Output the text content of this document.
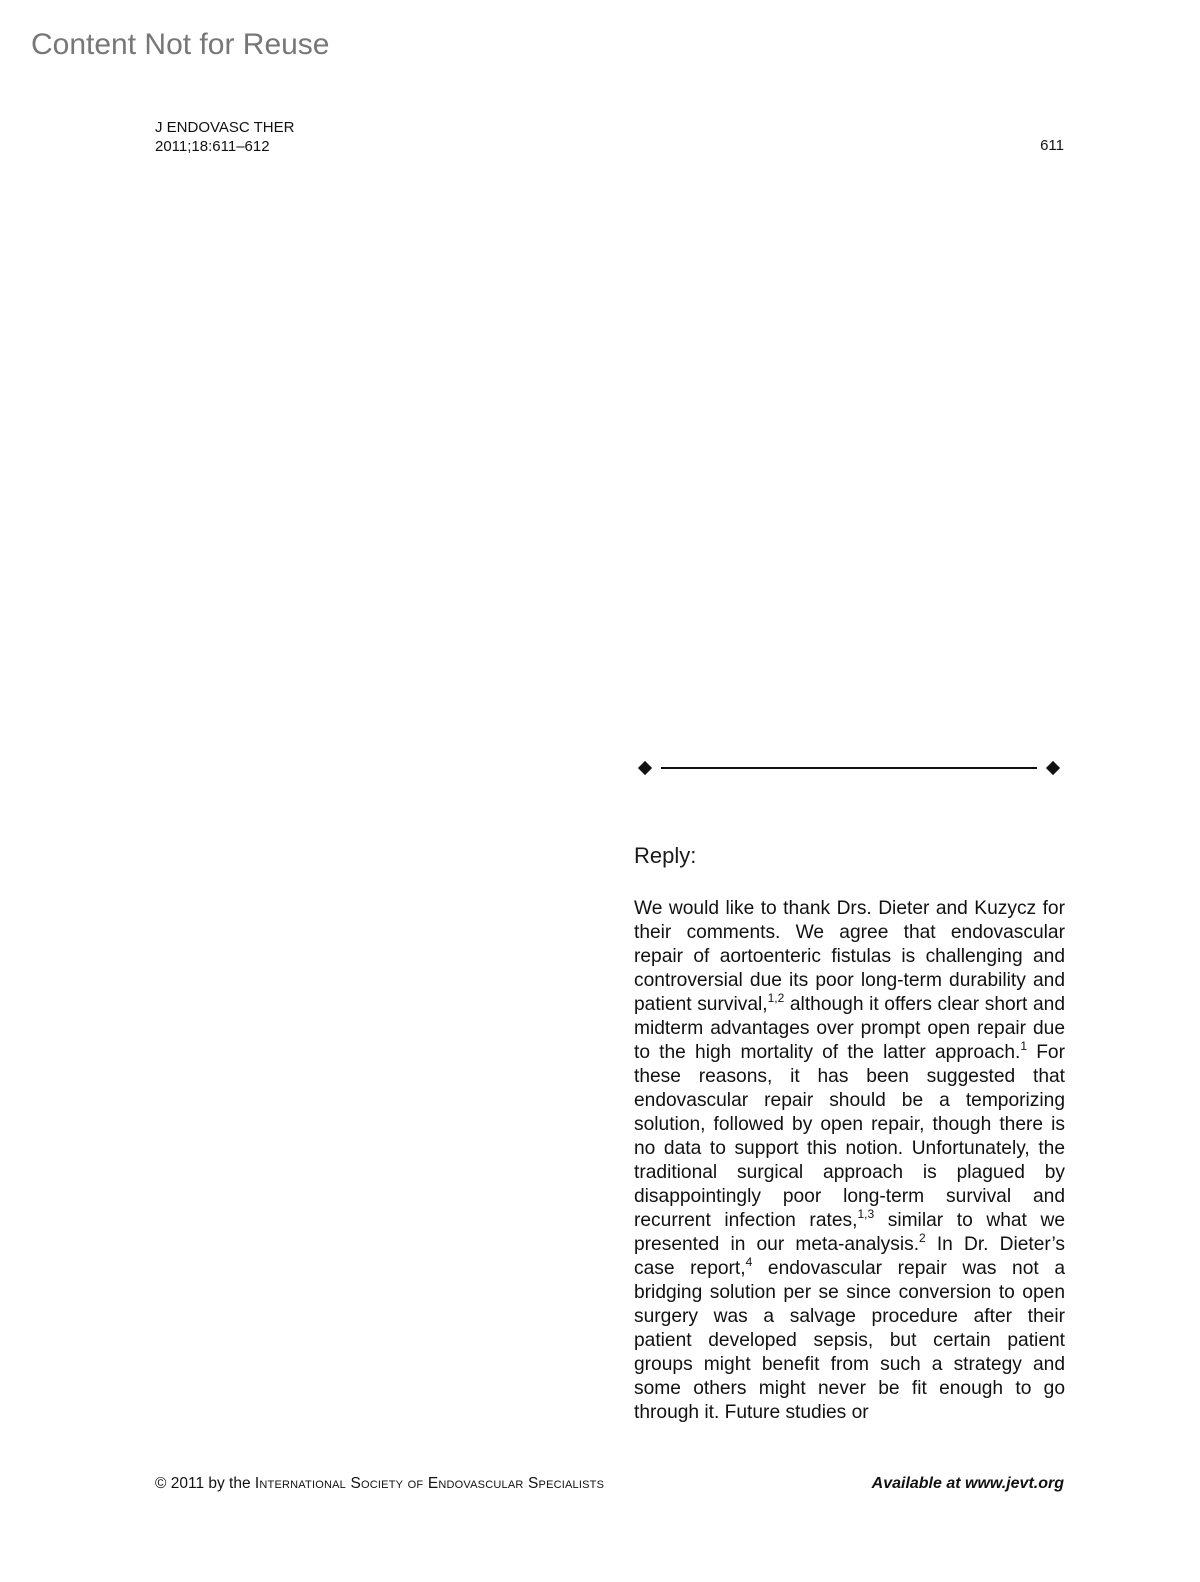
Content Not for Reuse
J ENDOVASC THER
2011;18:611–612	611
Reply:

We would like to thank Drs. Dieter and Kuzycz for their comments. We agree that endovascular repair of aortoenteric fistulas is challenging and controversial due its poor long-term durability and patient survival,$^{1,2}$ although it offers clear short and midterm advantages over prompt open repair due to the high mortality of the latter approach.$^1$ For these reasons, it has been suggested that endovascular repair should be a temporizing solution, followed by open repair, though there is no data to support this notion. Unfortunately, the traditional surgical approach is plagued by disappointingly poor long-term survival and recurrent infection rates,$^{1,3}$ similar to what we presented in our meta-analysis.$^2$ In Dr. Dieter’s case report,$^4$ endovascular repair was not a bridging solution per se since conversion to open surgery was a salvage procedure after their patient developed sepsis, but certain patient groups might benefit from such a strategy and some others might never be fit enough to go through it. Future studies or

© 2011 by the International Society of Endovascular Specialists	Available at www.jevt.org
